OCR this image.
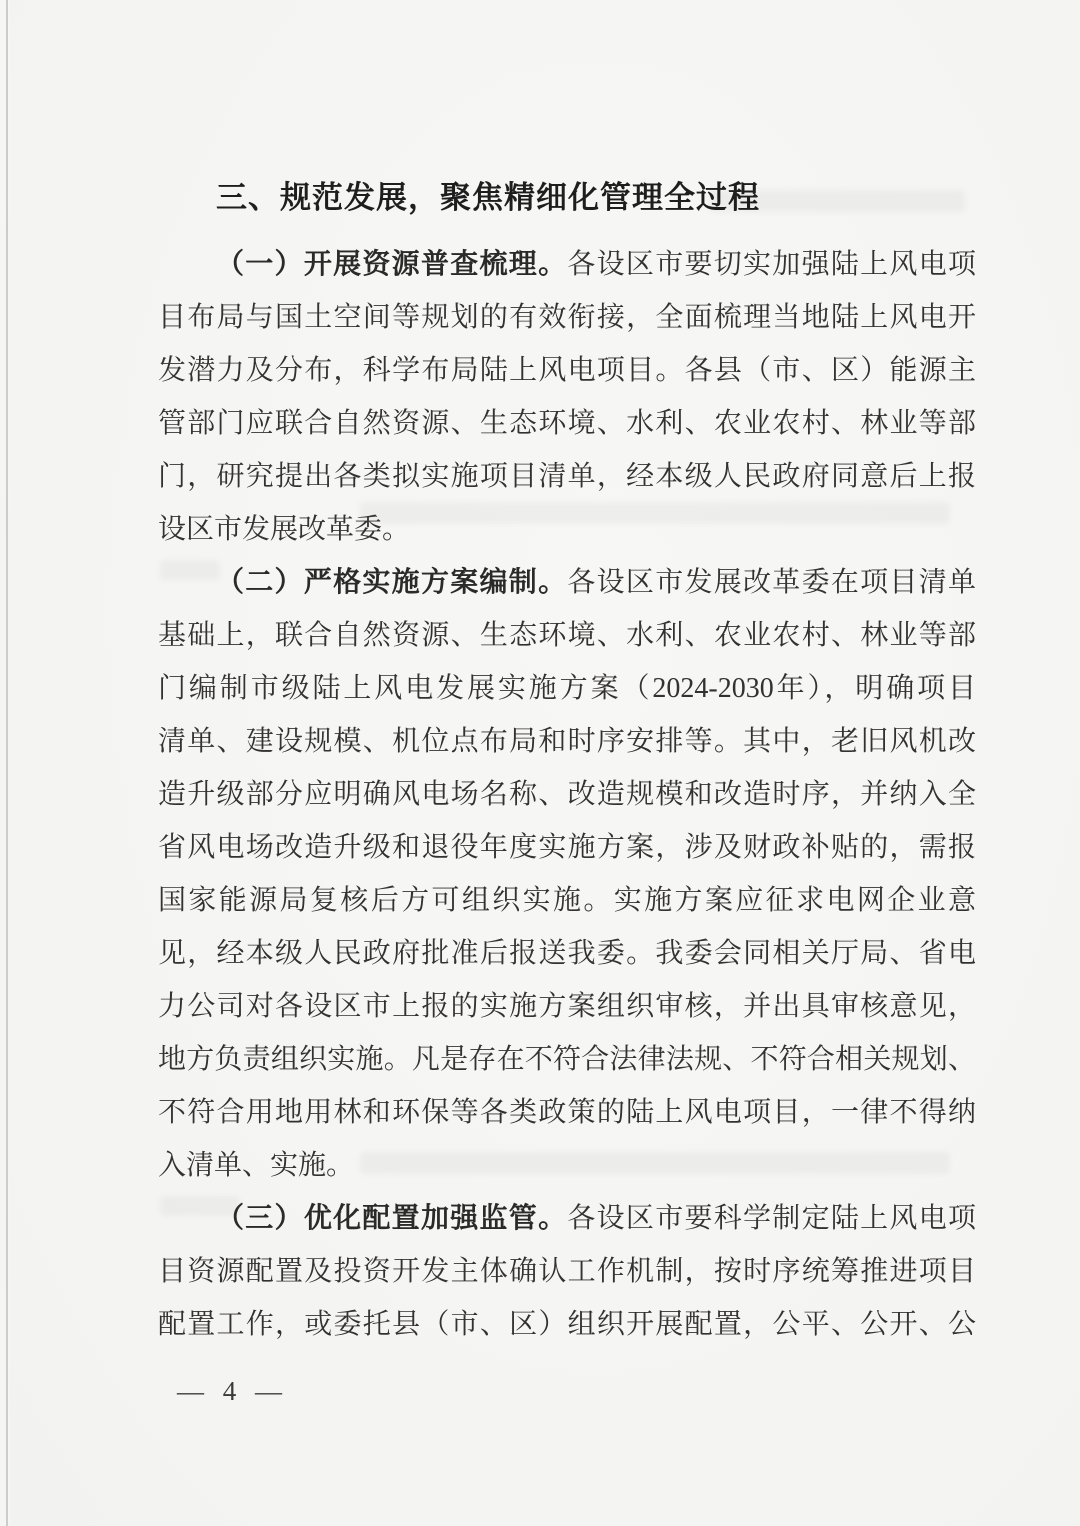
三、规范发展，聚焦精细化管理全过程
（一）开展资源普查梳理。各设区市要切实加强陆上风电项
目布局与国土空间等规划的有效衔接，全面梳理当地陆上风电开
发潜力及分布，科学布局陆上风电项目。各县（市、区）能源主
管部门应联合自然资源、生态环境、水利、农业农村、林业等部
门，研究提出各类拟实施项目清单，经本级人民政府同意后上报
设区市发展改革委。
（二）严格实施方案编制。各设区市发展改革委在项目清单
基础上，联合自然资源、生态环境、水利、农业农村、林业等部
门编制市级陆上风电发展实施方案（2024-2030年），明确项目
清单、建设规模、机位点布局和时序安排等。其中，老旧风机改
造升级部分应明确风电场名称、改造规模和改造时序，并纳入全
省风电场改造升级和退役年度实施方案，涉及财政补贴的，需报
国家能源局复核后方可组织实施。实施方案应征求电网企业意
见，经本级人民政府批准后报送我委。我委会同相关厅局、省电
力公司对各设区市上报的实施方案组织审核，并出具审核意见，
地方负责组织实施。凡是存在不符合法律法规、不符合相关规划、
不符合用地用林和环保等各类政策的陆上风电项目，一律不得纳
入清单、实施。
（三）优化配置加强监管。各设区市要科学制定陆上风电项
目资源配置及投资开发主体确认工作机制，按时序统筹推进项目
配置工作，或委托县（市、区）组织开展配置，公平、公开、公
— 4 —
